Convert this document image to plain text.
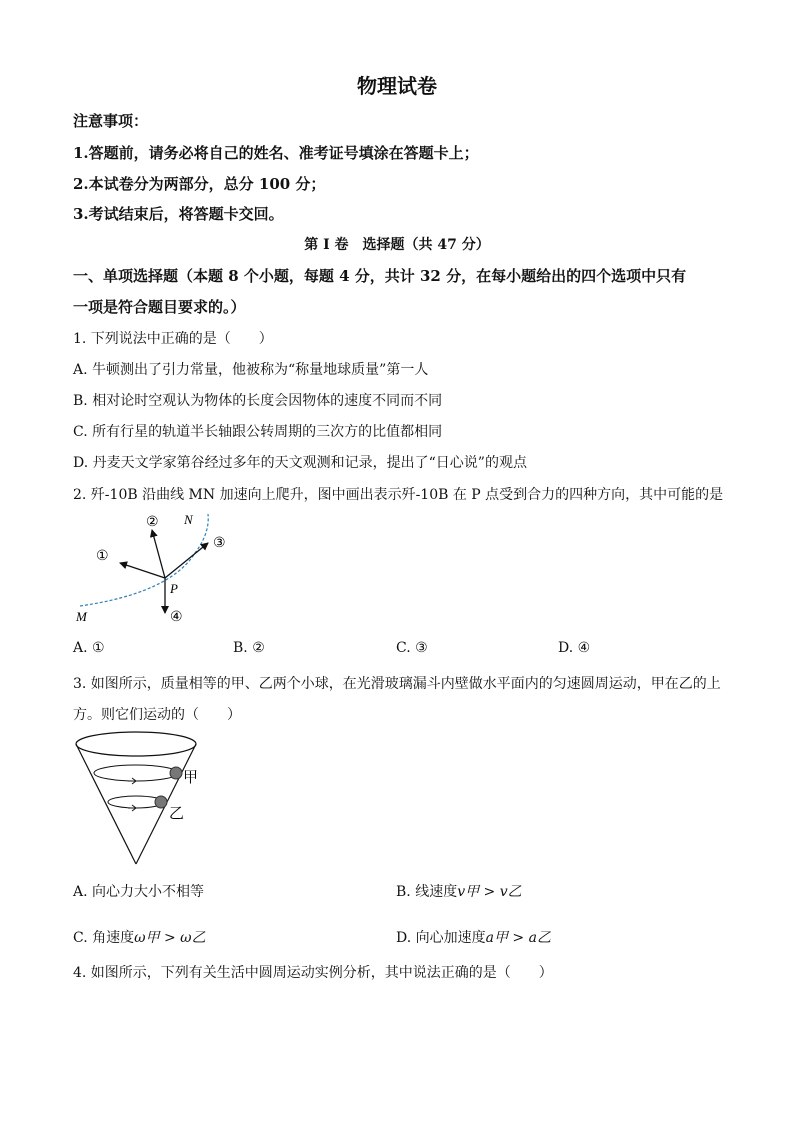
物理试卷
注意事项：
1.答题前，请务必将自己的姓名、准考证号填涂在答题卡上；
2.本试卷分为两部分，总分 100 分；
3.考试结束后，将答题卡交回。
第 I 卷　选择题（共 47 分）
一、单项选择题（本题 8 个小题，每题 4 分，共计 32 分，在每小题给出的四个选项中只有
一项是符合题目要求的。）
1. 下列说法中正确的是（　　）
A. 牛顿测出了引力常量，他被称为“称量地球质量”第一人
B. 相对论时空观认为物体的长度会因物体的速度不同而不同
C. 所有行星的轨道半长轴跟公转周期的三次方的比值都相同
D. 丹麦天文学家第谷经过多年的天文观测和记录，提出了“日心说”的观点
2. 歼-10B 沿曲线 MN 加速向上爬升，图中画出表示歼-10B 在 P 点受到合力的四种方向，其中可能的是
①
②
③
④
P
M
N
A. ①	B. ②	C. ③	D. ④
3. 如图所示，质量相等的甲、乙两个小球，在光滑玻璃漏斗内壁做水平面内的匀速圆周运动，甲在乙的上
方。则它们运动的（　　）
甲
乙
A. 向心力大小不相等	B. 线速度v甲 > v乙
C. 角速度ω甲 > ω乙	D. 向心加速度a甲 > a乙
4. 如图所示，下列有关生活中圆周运动实例分析，其中说法正确的是（　　）
